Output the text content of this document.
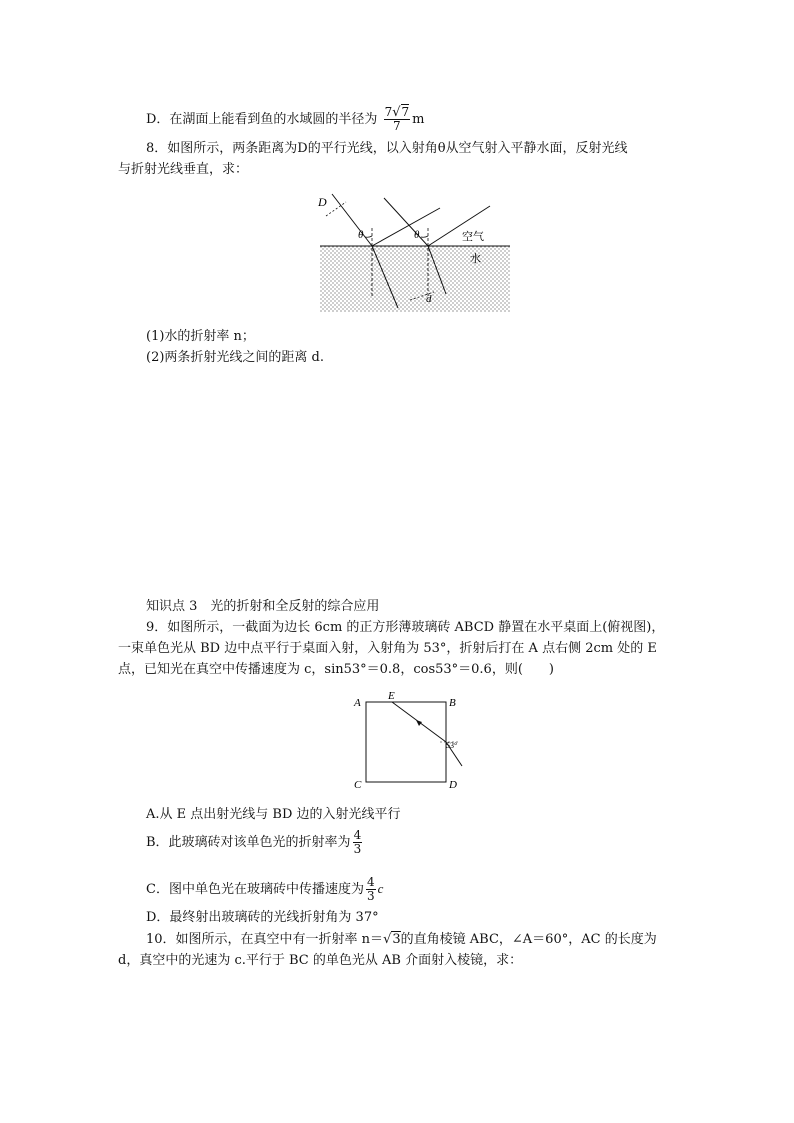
D．在湖面上能看到鱼的水域圆的半径为 $\frac{7√7}{7}$ m
8．如图所示，两条距离为D的平行光线，以入射角θ从空气射入平静水面，反射光线
与折射光线垂直，求：
D
θ	θ	空气
水
d
(1)水的折射率 n；
(2)两条折射光线之间的距离 d.
知识点 3　光的折射和全反射的综合应用
9．如图所示，一截面为边长 6cm 的正方形薄玻璃砖 ABCD 静置在水平桌面上(俯视图)，
一束单色光从 BD 边中点平行于桌面入射，入射角为 53°，折射后打在 A 点右侧 2cm 处的 E
点，已知光在真空中传播速度为 c，sin53°＝0.8，cos53°＝0.6，则(　　)
A	B
C	D
E
53°
A.从 E 点出射光线与 BD 边的入射光线平行
B．此玻璃砖对该单色光的折射率为 $\frac{4}{3}$
C．图中单色光在玻璃砖中传播速度为 $\frac{4}{3}$ c
D．最终射出玻璃砖的光线折射角为 37°
10．如图所示，在真空中有一折射率 n＝√3的直角棱镜 ABC，∠A＝60°，AC 的长度为
d，真空中的光速为 c.平行于 BC 的单色光从 AB 介面射入棱镜，求：
